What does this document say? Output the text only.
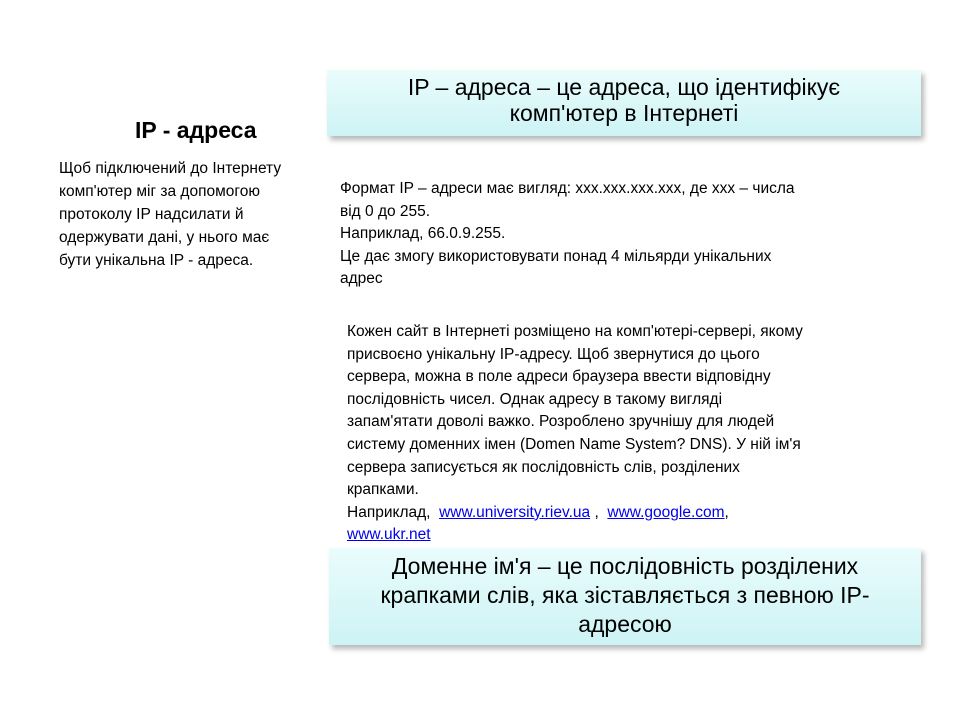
IP – адреса – це адреса, що ідентифікує
комп'ютер в Інтернеті
IP - адреса
Щоб підключений до Інтернету
комп'ютер міг за допомогою
протоколу IP надсилати й
одержувати дані, у нього має
бути унікальна IP - адреса.
Формат IP – адреси має вигляд: xxx.xxx.xxx.xxx, де xxx – числа
від 0 до 255.
Наприклад, 66.0.9.255.
Це дає змогу використовувати понад 4 мільярди унікальних
адрес
Кожен сайт в Інтернеті розміщено на комп'ютері-сервері, якому
присвоєно унікальну IP-адресу. Щоб звернутися до цього
сервера, можна в поле адреси браузера ввести відповідну
послідовність чисел. Однак адресу в такому вигляді
запам'ятати доволі важко. Розроблено зручнішу для людей
систему доменних імен (Domen Name System? DNS). У ній ім'я
сервера записується як послідовність слів, розділених
крапками.
Наприклад, www.university.riev.ua , www.google.com,
www.ukr.net
Доменне ім'я – це послідовність розділених
крапками слів, яка зіставляється з певною IP-
адресою
